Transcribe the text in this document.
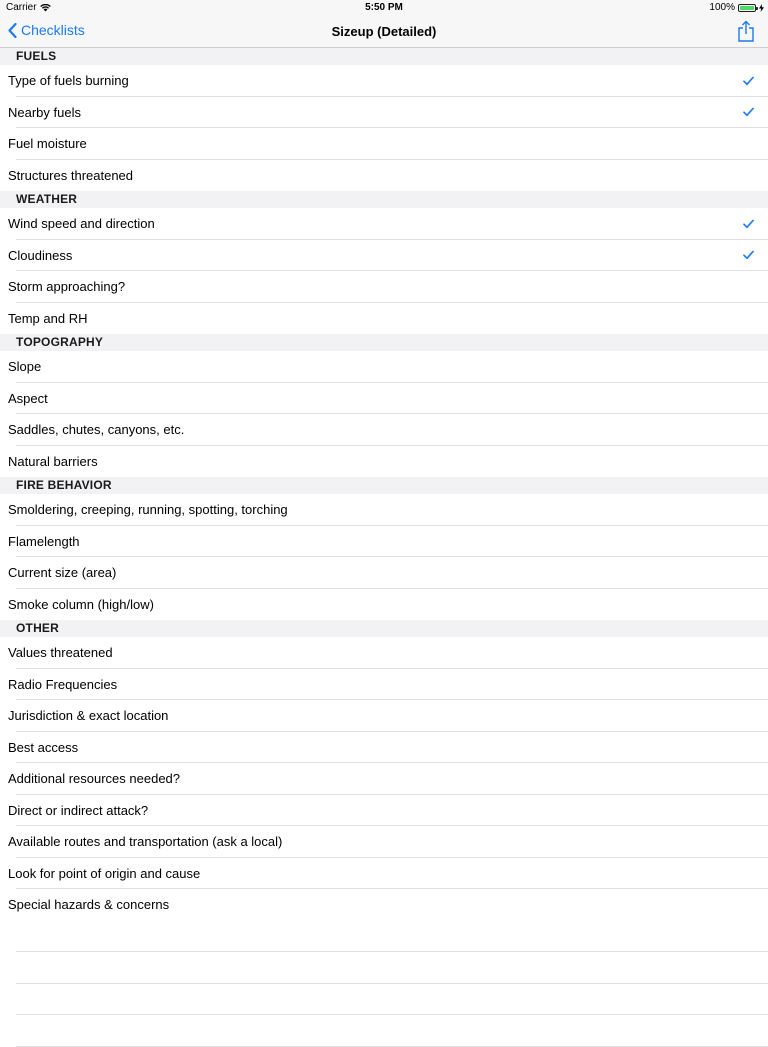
Carrier	5:50 PM	100%
Checklists	Sizeup (Detailed)
FUELS
Type of fuels burning
Nearby fuels
Fuel moisture
Structures threatened
WEATHER
Wind speed and direction
Cloudiness
Storm approaching?
Temp and RH
TOPOGRAPHY
Slope
Aspect
Saddles, chutes, canyons, etc.
Natural barriers
FIRE BEHAVIOR
Smoldering, creeping, running, spotting, torching
Flamelength
Current size (area)
Smoke column (high/low)
OTHER
Values threatened
Radio Frequencies
Jurisdiction & exact location
Best access
Additional resources needed?
Direct or indirect attack?
Available routes and transportation (ask a local)
Look for point of origin and cause
Special hazards & concerns
